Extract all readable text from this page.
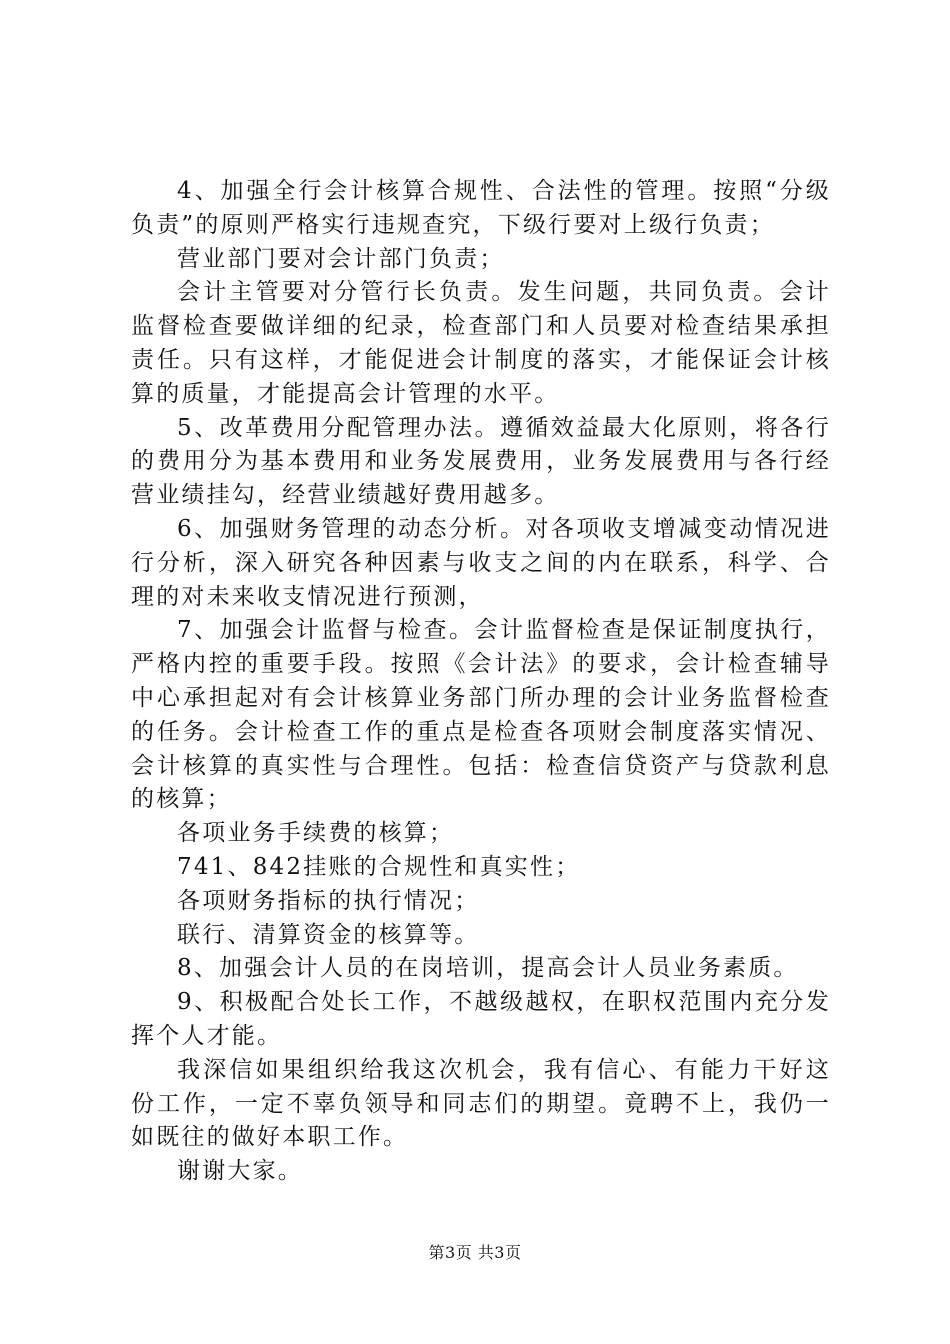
4、加强全行会计核算合规性、合法性的管理。按照“分级负责”的原则严格实行违规查究，下级行要对上级行负责；

营业部门要对会计部门负责；

会计主管要对分管行长负责。发生问题，共同负责。会计监督检查要做详细的纪录，检查部门和人员要对检查结果承担责任。只有这样，才能促进会计制度的落实，才能保证会计核算的质量，才能提高会计管理的水平。

5、改革费用分配管理办法。遵循效益最大化原则，将各行的费用分为基本费用和业务发展费用，业务发展费用与各行经营业绩挂勾，经营业绩越好费用越多。

6、加强财务管理的动态分析。对各项收支增减变动情况进行分析，深入研究各种因素与收支之间的内在联系，科学、合理的对未来收支情况进行预测，

7、加强会计监督与检查。会计监督检查是保证制度执行，严格内控的重要手段。按照《会计法》的要求，会计检查辅导中心承担起对有会计核算业务部门所办理的会计业务监督检查的任务。会计检查工作的重点是检查各项财会制度落实情况、会计核算的真实性与合理性。包括：检查信贷资产与贷款利息的核算；

各项业务手续费的核算；

741、842挂账的合规性和真实性；

各项财务指标的执行情况；

联行、清算资金的核算等。

8、加强会计人员的在岗培训，提高会计人员业务素质。

9、积极配合处长工作，不越级越权，在职权范围内充分发挥个人才能。

我深信如果组织给我这次机会，我有信心、有能力干好这份工作，一定不辜负领导和同志们的期望。竟聘不上，我仍一如既往的做好本职工作。

谢谢大家。

第3页 共3页
